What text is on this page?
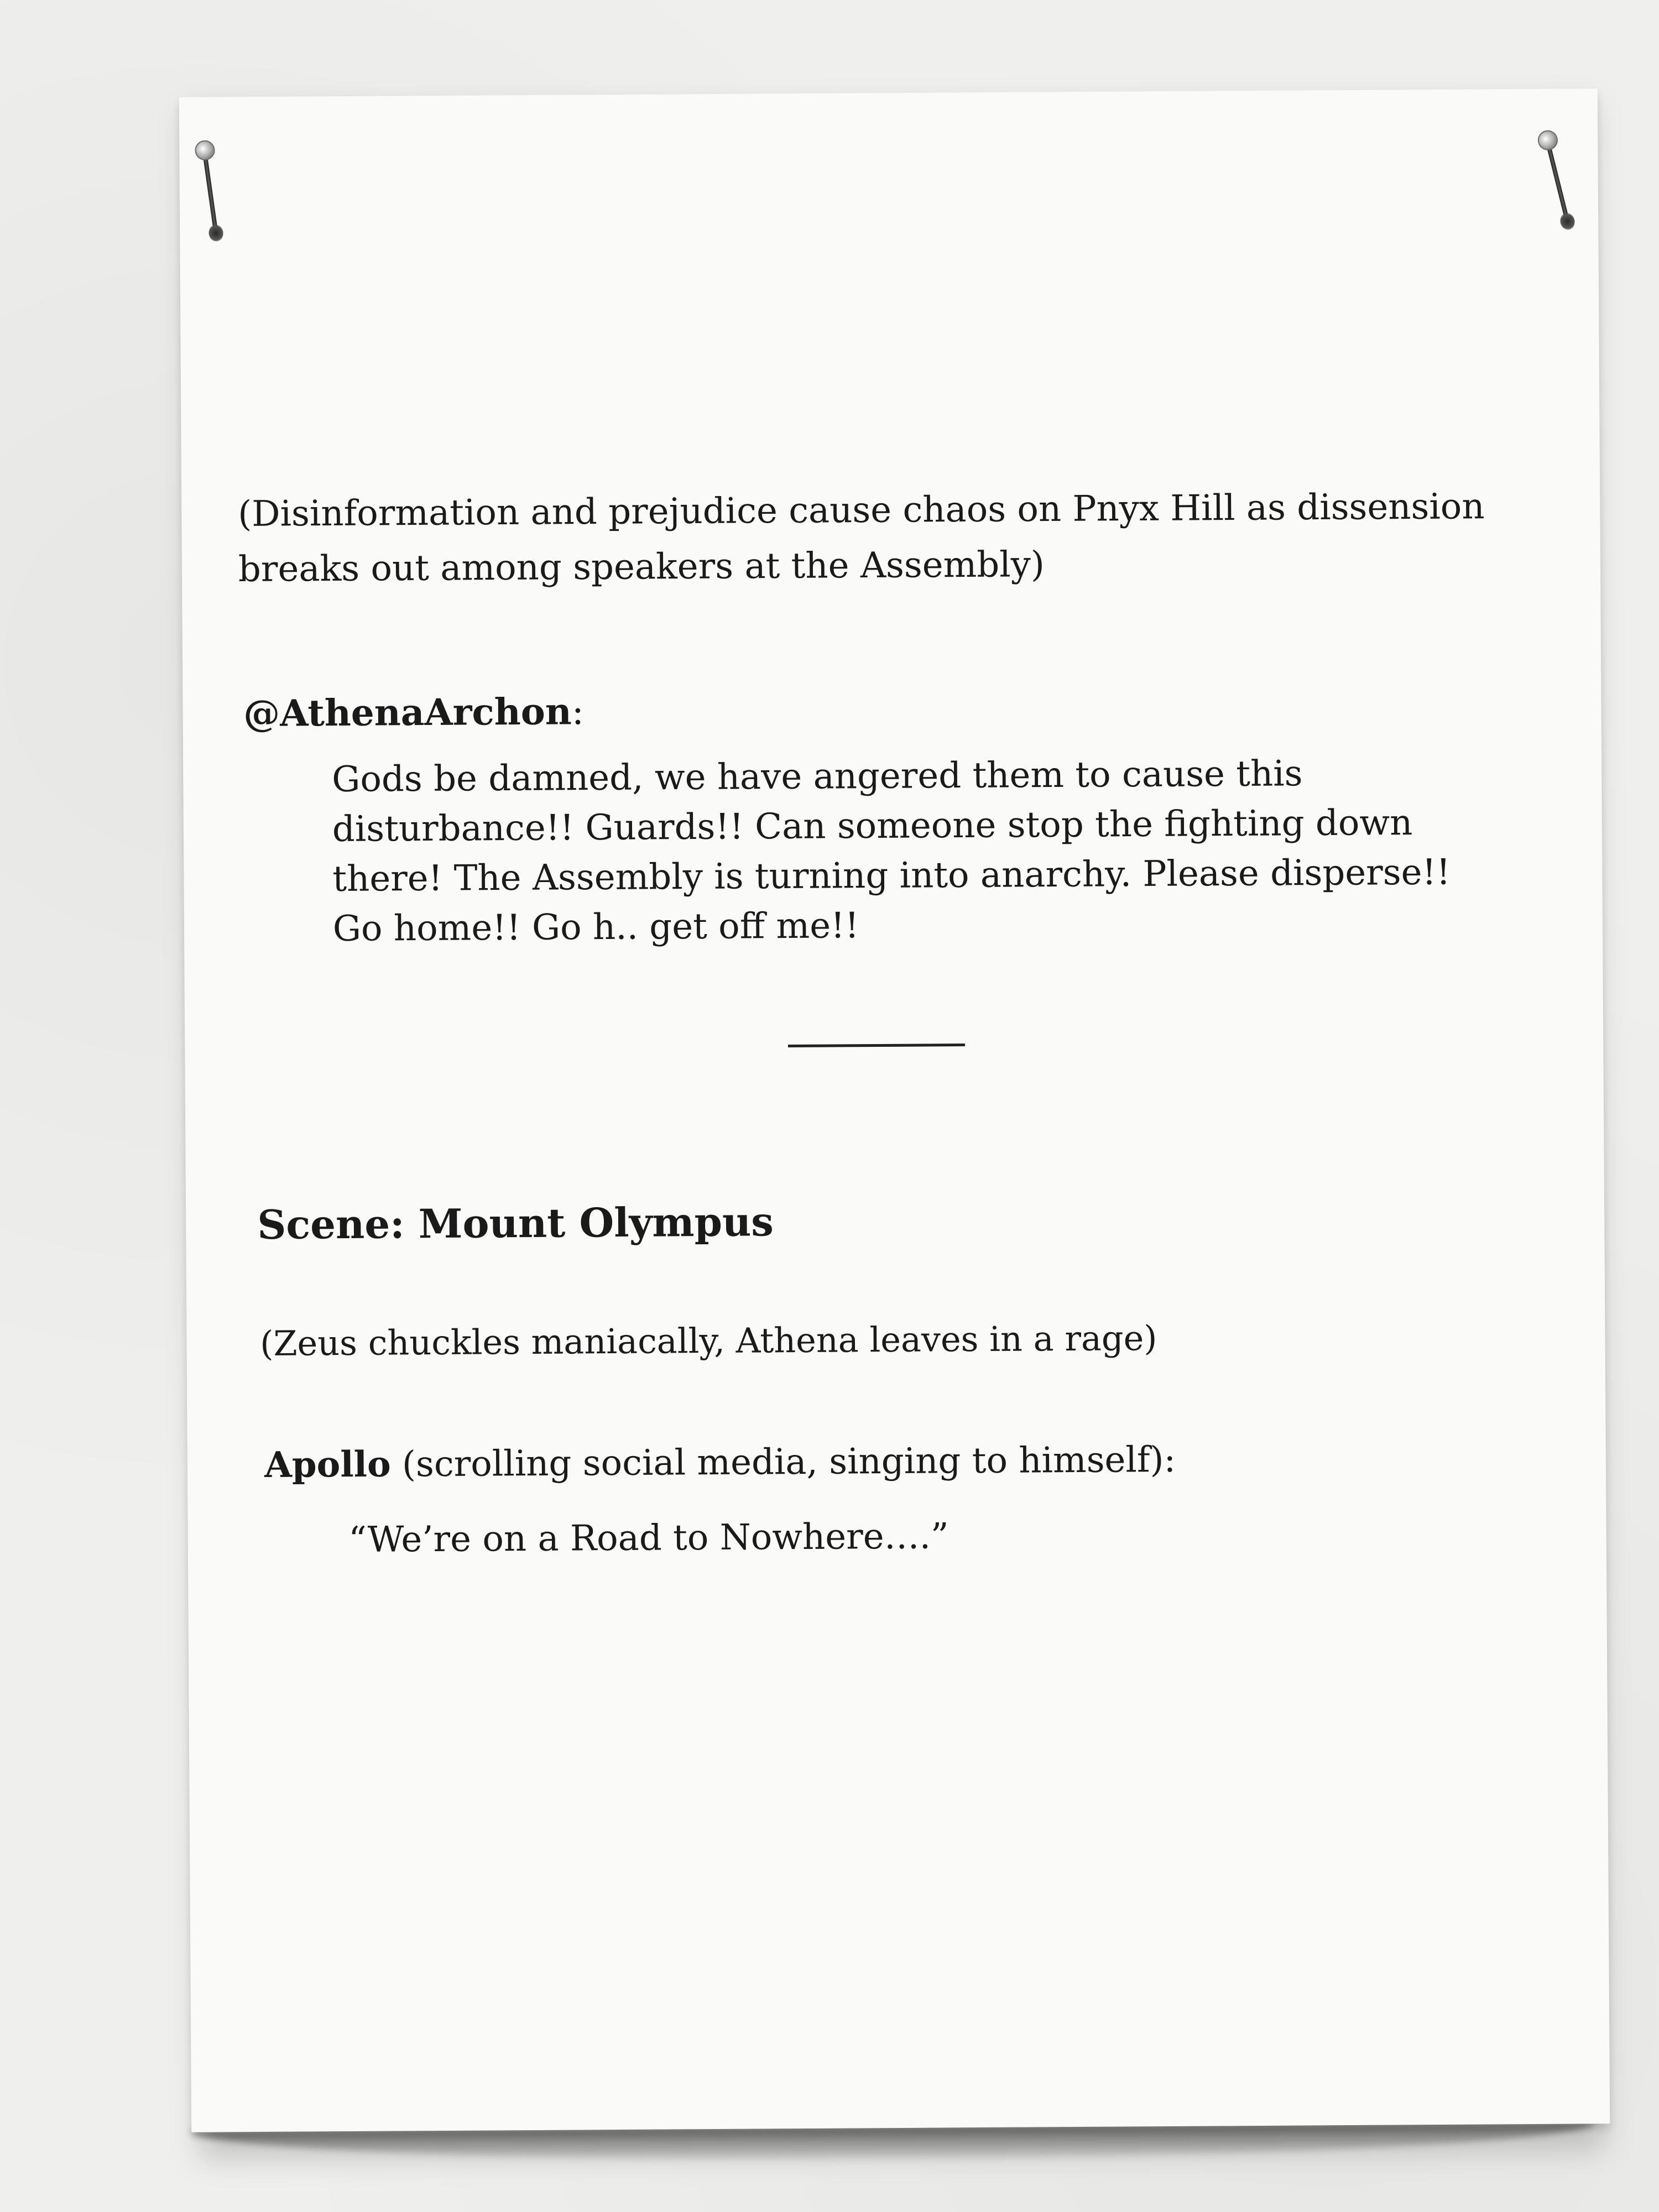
(Disinformation and prejudice cause chaos on Pnyx Hill as dissension
breaks out among speakers at the Assembly)
@AthenaArchon:
Gods be damned, we have angered them to cause this
disturbance!! Guards!! Can someone stop the fighting down
there! The Assembly is turning into anarchy. Please disperse!!
Go home!! Go h.. get off me!!
Scene: Mount Olympus
(Zeus chuckles maniacally, Athena leaves in a rage)
Apollo (scrolling social media, singing to himself):
“We’re on a Road to Nowhere….”
